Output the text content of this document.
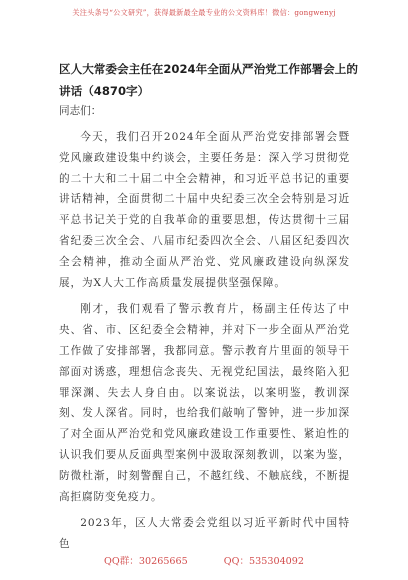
关注头条号“公文研究”，获得最新最全最专业的公文资料库！微信：gongwenyj
区人大常委会主任在2024年全面从严治党工作部署会上的讲话（4870字）
同志们：

今天，我们召开2024年全面从严治党安排部署会暨党风廉政建设集中约谈会，主要任务是：深入学习贯彻党的二十大和二十届二中全会精神，和习近平总书记的重要讲话精神，全面贯彻二十届中央纪委三次全会特别是习近平总书记关于党的自我革命的重要思想，传达贯彻十三届省纪委三次全会、八届市纪委四次全会、八届区纪委四次全会精神，推动全面从严治党、党风廉政建设向纵深发展，为X人大工作高质量发展提供坚强保障。

刚才，我们观看了警示教育片，杨副主任传达了中央、省、市、区纪委全会精神，并对下一步全面从严治党工作做了安排部署，我都同意。警示教育片里面的领导干部面对诱惑，理想信念丧失、无视党纪国法，最终陷入犯罪深渊、失去人身自由。以案说法，以案明鉴，教训深刻、发人深省。同时，也给我们敲响了警钟，进一步加深了对全面从严治党和党风廉政建设工作重要性、紧迫性的认识我们要从反面典型案例中汲取深刻教训，以案为鉴，防微杜渐，时刻警醒自己，不越红线、不触底线，不断提高拒腐防变免疫力。

2023年，区人大常委会党组以习近平新时代中国特色

QQ群：30265665	QQ：535304092
